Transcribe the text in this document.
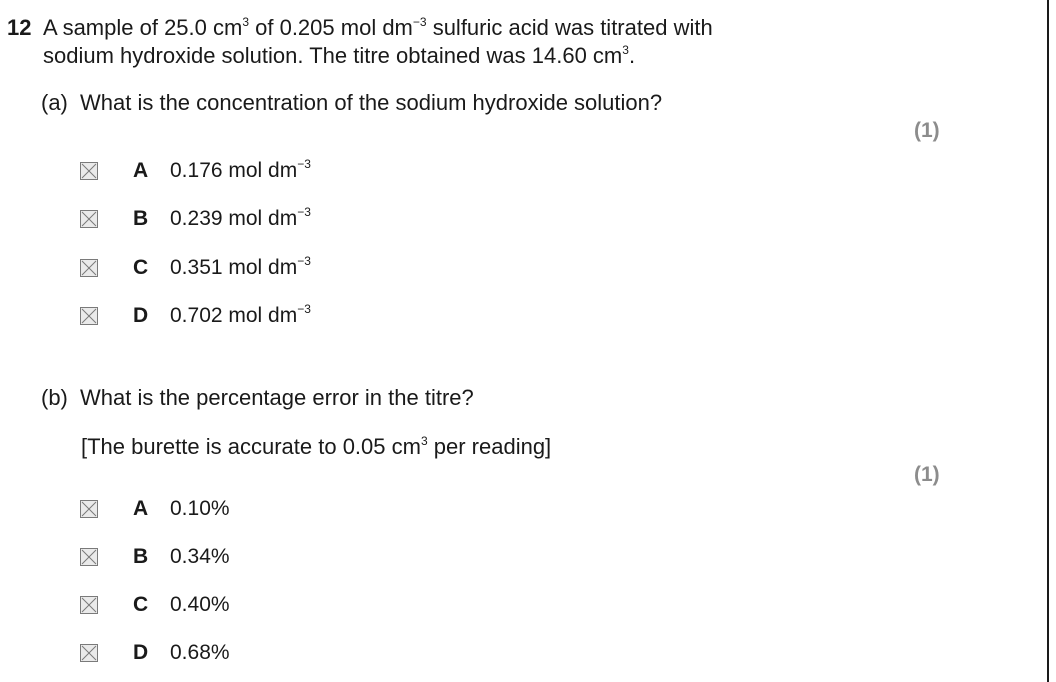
12 A sample of 25.0 $cm^3$ of 0.205 mol $dm^{-3}$ sulfuric acid was titrated with
sodium hydroxide solution. The titre obtained was 14.60 $cm^3$.
(a) What is the concentration of the sodium hydroxide solution?
(1)
A 0.176 mol $dm^{-3}$
B 0.239 mol $dm^{-3}$
C 0.351 mol $dm^{-3}$
D 0.702 mol $dm^{-3}$
(b) What is the percentage error in the titre?
[The burette is accurate to 0.05 $cm^3$ per reading]
(1)
A 0.10%
B 0.34%
C 0.40%
D 0.68%
